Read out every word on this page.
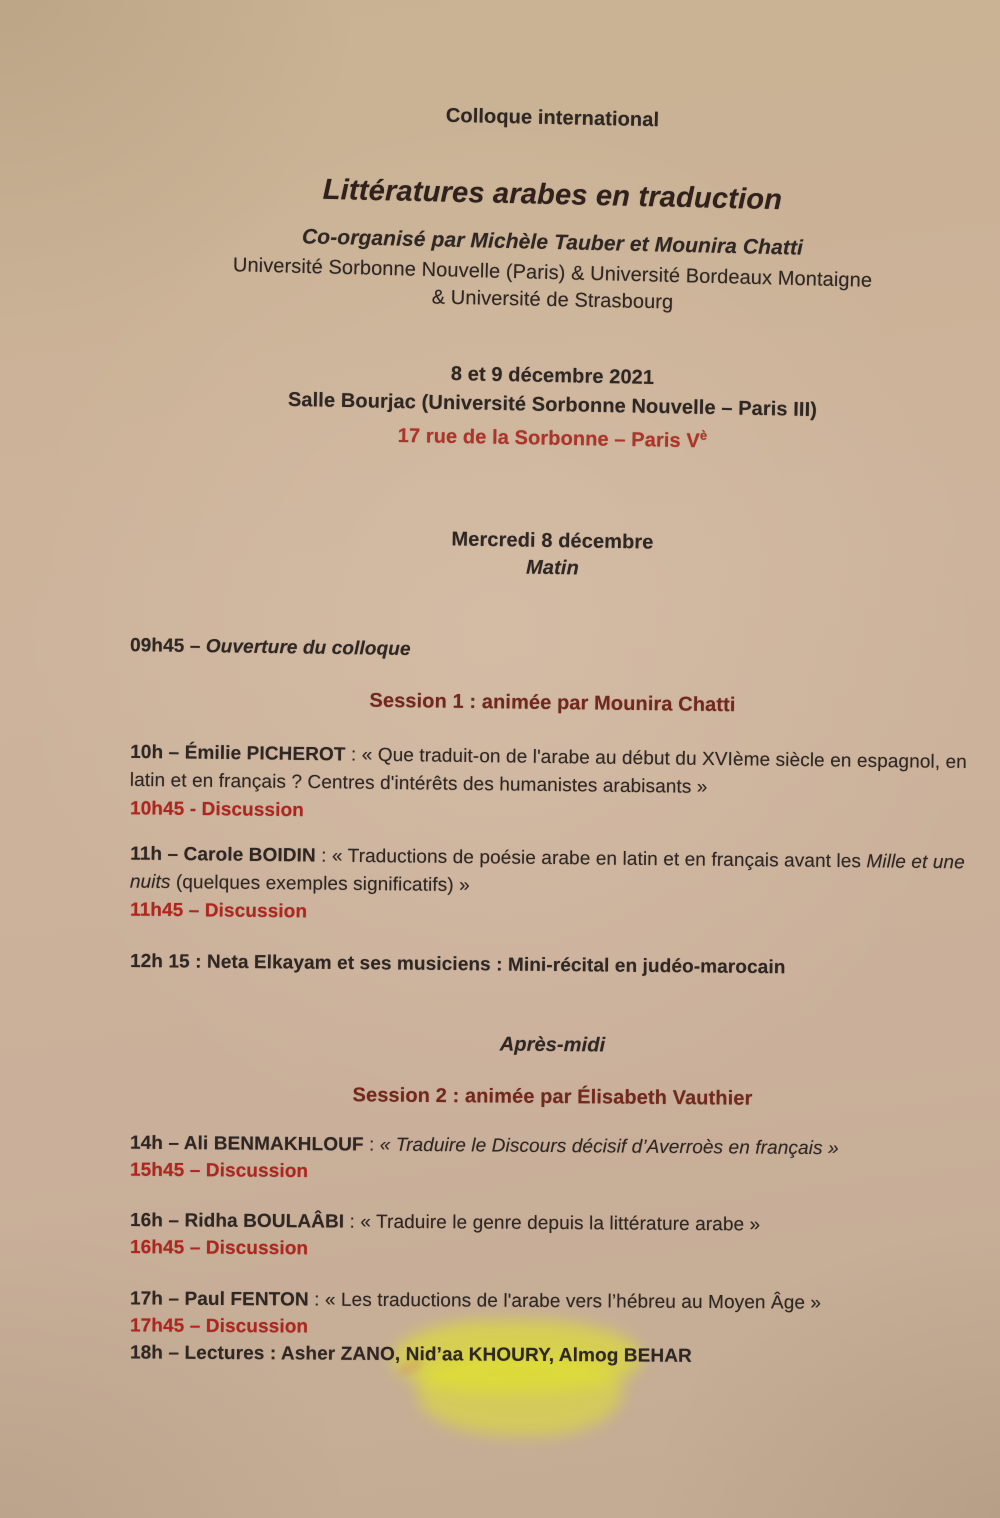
Colloque international
Littératures arabes en traduction
Co-organisé par Michèle Tauber et Mounira Chatti
Université Sorbonne Nouvelle (Paris) & Université Bordeaux Montaigne
& Université de Strasbourg
8 et 9 décembre 2021
Salle Bourjac (Université Sorbonne Nouvelle – Paris III)
17 rue de la Sorbonne – Paris $V^è$
Mercredi 8 décembre
Matin
09h45 – Ouverture du colloque
Session 1 : animée par Mounira Chatti
10h – Émilie PICHEROT : « Que traduit-on de l'arabe au début du XVIème siècle en espagnol, en latin et en français ? Centres d'intérêts des humanistes arabisants »
10h45 - Discussion
11h – Carole BOIDIN : « Traductions de poésie arabe en latin et en français avant les Mille et une nuits (quelques exemples significatifs) »
11h45 – Discussion
12h 15 : Neta Elkayam et ses musiciens : Mini-récital en judéo-marocain
Après-midi
Session 2 : animée par Élisabeth Vauthier
14h – Ali BENMAKHLOUF : « Traduire le Discours décisif d’Averroès en français »
15h45 – Discussion
16h – Ridha BOULAÂBI : « Traduire le genre depuis la littérature arabe »
16h45 – Discussion
17h – Paul FENTON : « Les traductions de l'arabe vers l’hébreu au Moyen Âge »
17h45 – Discussion
18h – Lectures : Asher ZANO, Nid’aa KHOURY, Almog BEHAR
